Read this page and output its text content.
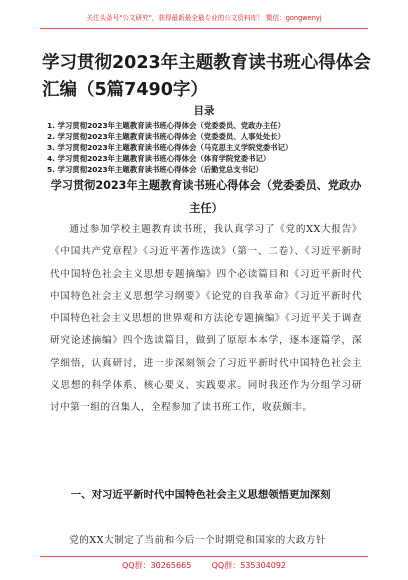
关注头条号"公文研究"，获得最新最全最专业的公文资料库！ 微信：gongwenyj
学习贯彻2023年主题教育读书班心得体会汇编（5篇7490字）
目录
1. 学习贯彻2023年主题教育读书班心得体会（党委委员、党政办主任）
2. 学习贯彻2023年主题教育读书班心得体会（党委委员、人事处处长）
3. 学习贯彻2023年主题教育读书班心得体会（马克思主义学院党委书记）
4. 学习贯彻2023年主题教育读书班心得体会（体育学院党委书记）
5. 学习贯彻2023年主题教育读书班心得体会（后勤党总支书记）
学习贯彻2023年主题教育读书班心得体会（党委委员、党政办主任）

通过参加学校主题教育读书班，我认真学习了《党的XX大报告》《中国共产党章程》《习近平著作选读》（第一、二卷）、《习近平新时代中国特色社会主义思想专题摘编》四个必读篇目和《习近平新时代中国特色社会主义思想学习纲要》《论党的自我革命》《习近平新时代中国特色社会主义思想的世界观和方法论专题摘编》《习近平关于调查研究论述摘编》四个选读篇目，做到了原原本本学，逐本逐篇学，深学细悟，认真研讨，进一步深刻领会了习近平新时代中国特色社会主义思想的科学体系、核心要义、实践要求。同时我还作为分组学习研讨中第一组的召集人，全程参加了读书班工作，收获颇丰。

一、对习近平新时代中国特色社会主义思想领悟更加深刻

党的XX大制定了当前和今后一个时期党和国家的大政方针

QQ群：30265665        QQ群：535304092
